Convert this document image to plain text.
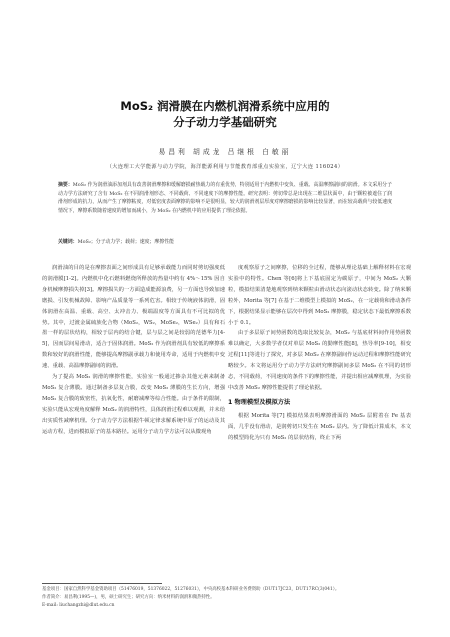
MoS₂ 润滑膜在内燃机润滑系统中应用的
分子动力学基础研究
易昌利 胡成龙 吕继根 白敏丽
（大连理工大学能源与动力学院，海洋能源利用与节能教育部重点实验室，辽宁大连 116024）
摘要：MoS₂ 作为润滑油添加剂具有改善润滑摩擦和缓解磨损耐热载力的有重优势，特别适用于内燃机中变负、重载、高温摩擦副间的润滑。本文采用分子动力学方法研究了含有 MoS₂ 在不同润滑剂形态、不同载荷、不同速度下的摩擦性能。研究表明：剪切带总是出现在二维层状面中，由于颗粒被遮住了润滑剂形成的抗力，从而产生了摩擦粘度，对低密度表面摩擦的影响不是很明显，较大的润滑剂层厚度对摩擦磨损的影响比较显著，而在较高载荷与较低速度情况下，摩擦系数随着速度的增加而减小，为 MoS₂ 在内燃机中的应用提供了理论依据。
关键词：MoS₂；分子动力学；载荷；速度；摩擦性能

润滑油的目的是在摩擦表面之间形成具有足够承载能力而同时剪切强度低的润滑膜[1-2]。内燃机中化石燃料燃烧所释放的热量中约有 4%～15% 因自身机械摩擦损失掉[3]。摩擦损失的一方面造成能源浪费，另一方面也导致加速磨损、引发机械故障、影响产品质量等一系列危害。相较于传统液体润滑，固体润滑在高温、重载、高空、太冲击力、极端温度等方面具有不可比拟的优势。其中，过渡金属硫族化合物（MoS₂，WS₂，MoSe₂，WSe₂）具有和石墨一样的层状结构，相较于层内的结合键，层与层之间是较弱的范德华力[4-5]，因而层间易滑动，适合于固体润滑。MoS₂ 作为润滑剂具有较低的摩擦系数和较好的润滑性能，能够提高摩擦副承载力和使用寿命，适用于内燃机中变速、重载、高温摩擦副间的润滑。

为了提高 MoS₂ 润滑的摩擦性能，实验室一般通过掺杂其他元素来制备 MoS₂ 复合薄膜。通过制备多层复合膜，改变 MoS₂ 薄膜的生长方向，增强 MoS₂ 复合膜的致密性，抗氧化性，耐磨减摩等综合性能。由于条件的限制，实验只能从宏观角度解释 MoS₂ 的润滑特性，具体润滑过程难以观测，并未给出实质性减摩机理。分子动力学方法根据牛顿定律求解系统中原子的运动及其运动方程，进而模拟原子的基本路径。运用分子动力学方法可以从微观角

度观察原子之间摩擦，位移的全过程，能够从理论基础上解释材料在宏观实验中的特性。Chen 等[6]将上下基底固定为碳原子，中间为 MoS₂ 大颗粒，模拟结果清楚地观察到纳米颗粒由滑动状态向滚动状态转变。除了纳米颗粒外，Morita 等[7] 在基于二维模型上模拟的 MoS₂，在一定载荷和滑动条件下，根据结果显示能够在层次中得到 MoS₂ 摩擦膜，稳定状态下最低摩擦系数小于 0.1。

由于多层原子间势函数的选取比较复杂，MoS₂ 与基底材料间作用势函数难以确定，大多数学者仅对单层 MoS₂ 的勤摩性能[8]，热导率[9-10]，相变过程[11]等进行了探究，对多层 MoS₂ 在摩擦副间作运动过程和摩擦性能研究略较少。本文将运用分子动力学方法研究摩擦副间多层 MoS₂ 在不同的切形态，不同载荷，不同速度的条件下的摩擦性能，并提出相应减摩机理，为实验中改善 MoS₂ 摩擦性能提供了理论依据。

1 物理模型及模拟方法

根据 Morita 等[7] 模拟结果表明摩擦滑面的 MoS₂ 层附着在 Fe 基表面，几乎没有滑动，是润剪切只发生在 MoS₂ 层内。为了降低计算成本，本文的模型简化为只有 MoS₂ 的层状结构，终止下两

基金项目：国家自然科学基金资助项目（51476019，51376022，51276031），中央高校基本科研业务费资助（DUT17JC23，DUT17RC(3)041）。
作者简介：易昌利(1995—)，男，硕士研究生；研究方向：纳米材料的润滑和微热特性。
E-mail: liuchangzhi@dlut.edu.cn
